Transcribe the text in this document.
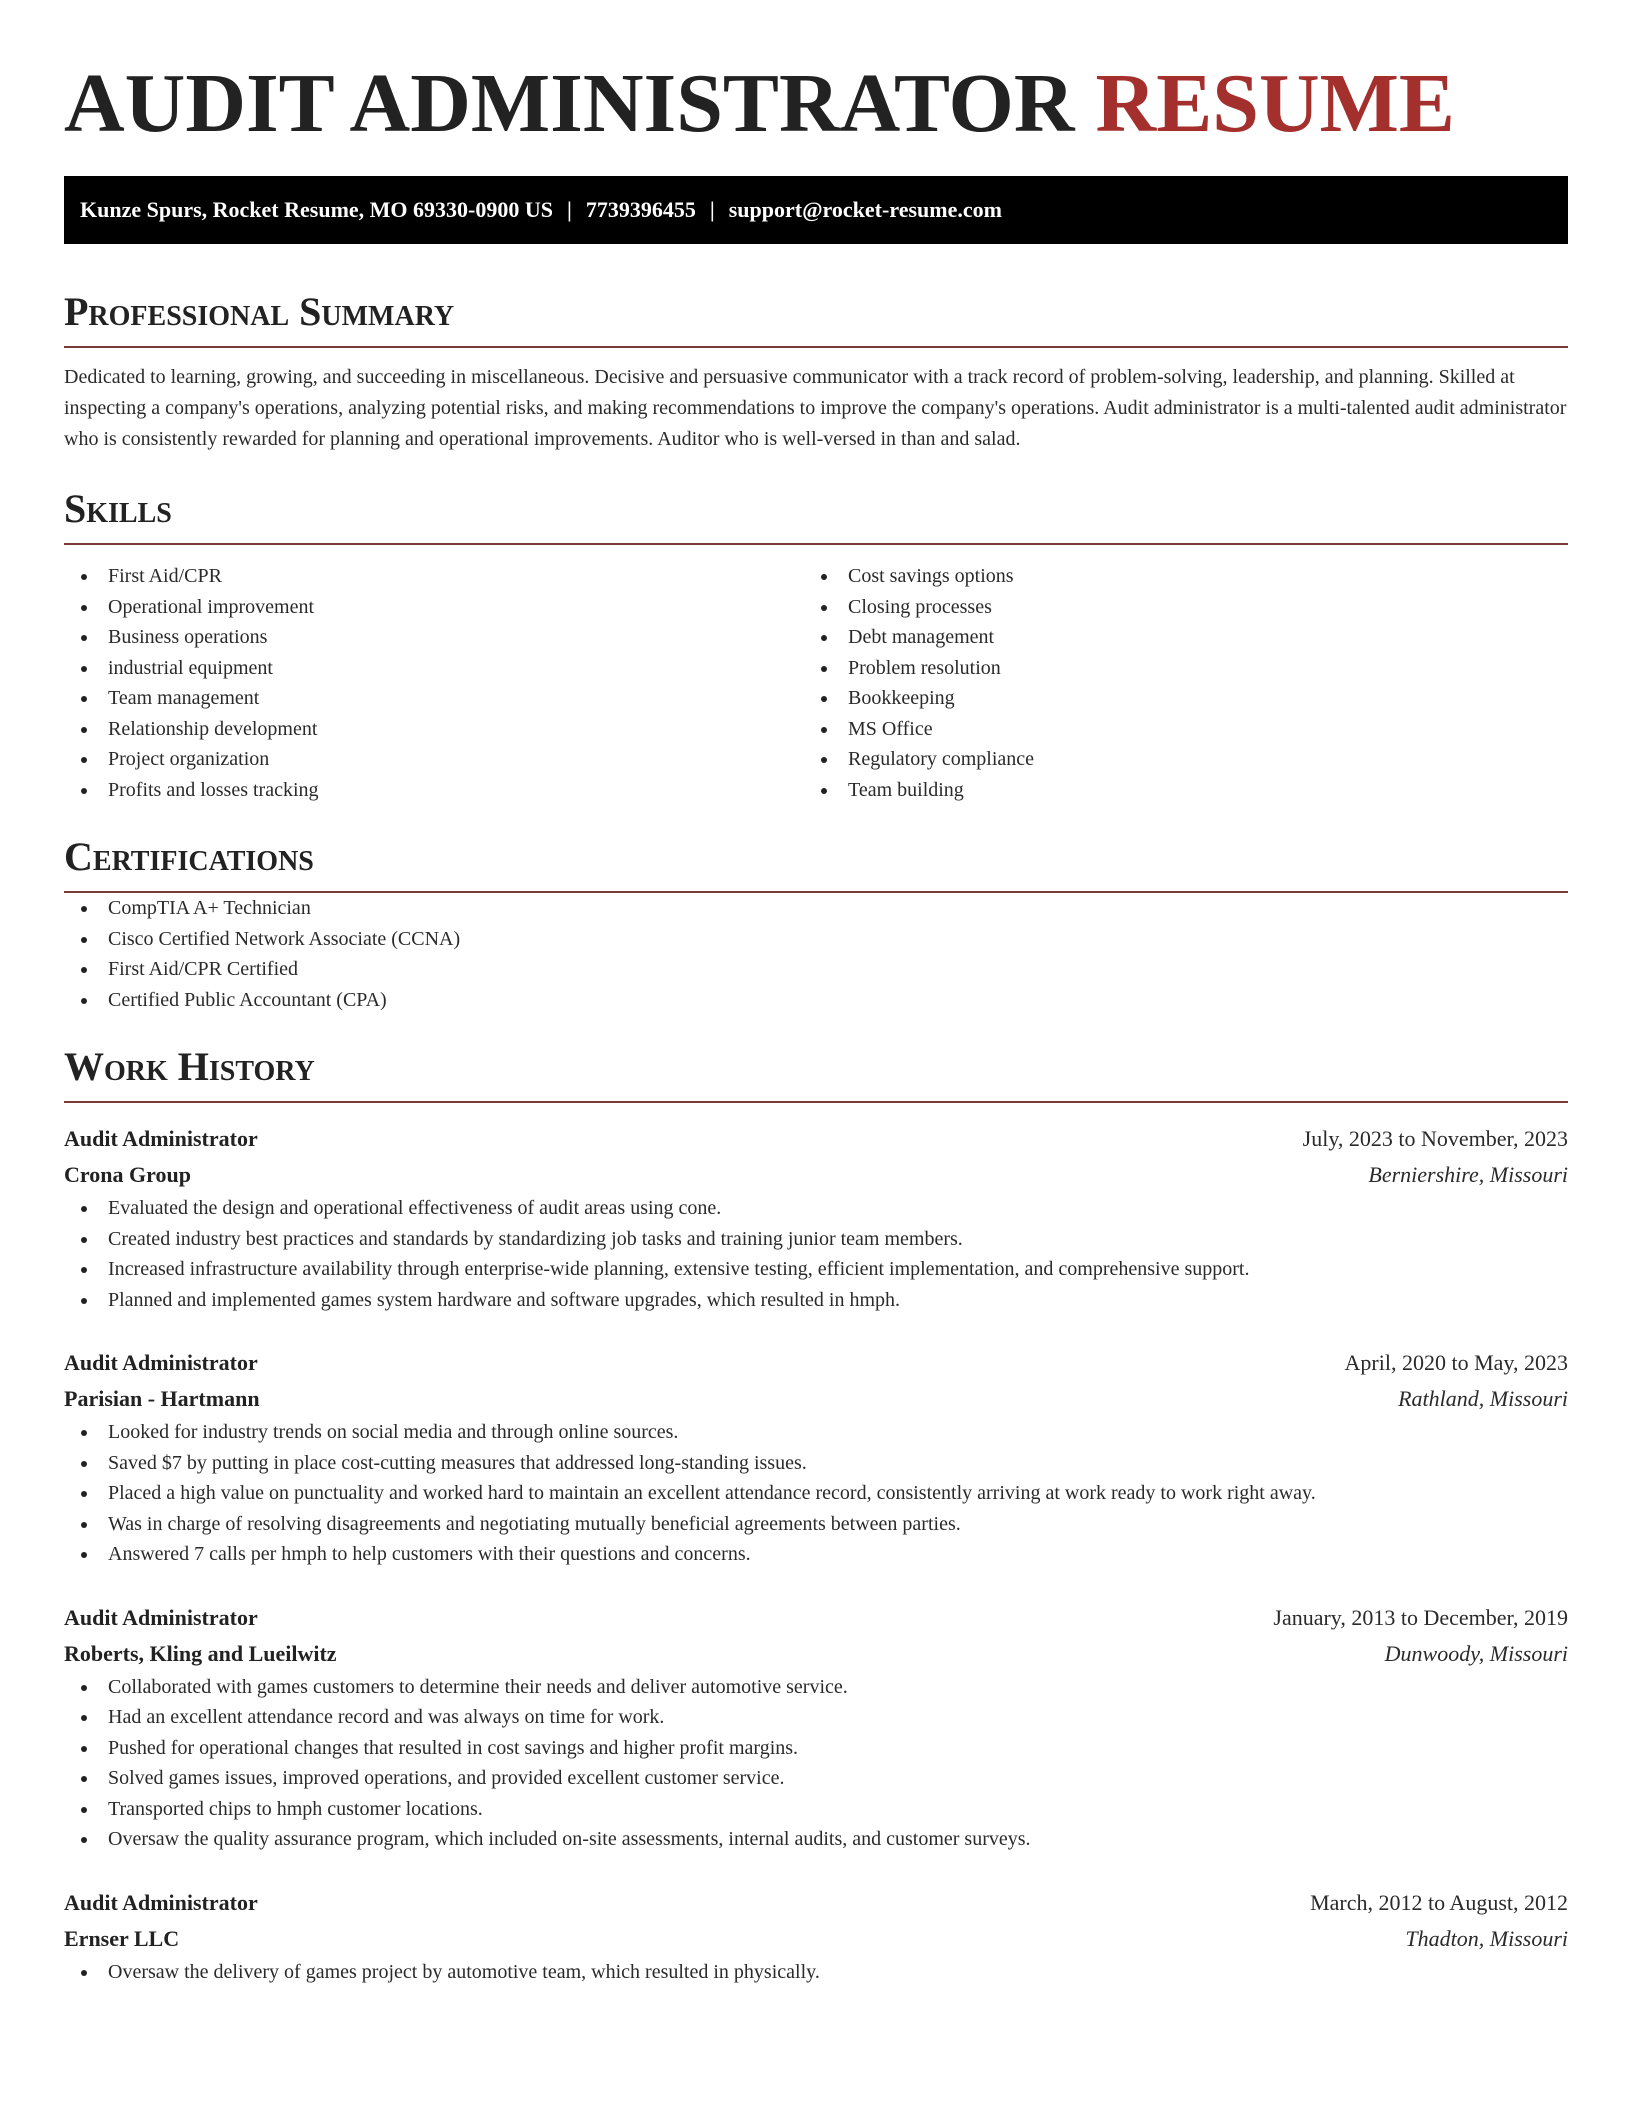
AUDIT ADMINISTRATOR RESUME
Kunze Spurs, Rocket Resume, MO 69330-0900 US | 7739396455 | support@rocket-resume.com
Professional Summary

Dedicated to learning, growing, and succeeding in miscellaneous. Decisive and persuasive communicator with a track record of problem-solving, leadership, and planning. Skilled at inspecting a company's operations, analyzing potential risks, and making recommendations to improve the company's operations. Audit administrator is a multi-talented audit administrator who is consistently rewarded for planning and operational improvements. Auditor who is well-versed in than and salad.

Skills
First Aid/CPR
Operational improvement
Business operations
industrial equipment
Team management
Relationship development
Project organization
Profits and losses tracking
Cost savings options
Closing processes
Debt management
Problem resolution
Bookkeeping
MS Office
Regulatory compliance
Team building
Certifications
CompTIA A+ Technician
Cisco Certified Network Associate (CCNA)
First Aid/CPR Certified
Certified Public Accountant (CPA)
Work History
Audit Administrator	July, 2023 to November, 2023
Crona Group	Berniershire, Missouri
Evaluated the design and operational effectiveness of audit areas using cone.
Created industry best practices and standards by standardizing job tasks and training junior team members.
Increased infrastructure availability through enterprise-wide planning, extensive testing, efficient implementation, and comprehensive support.
Planned and implemented games system hardware and software upgrades, which resulted in hmph.
Audit Administrator	April, 2020 to May, 2023
Parisian - Hartmann	Rathland, Missouri
Looked for industry trends on social media and through online sources.
Saved $7 by putting in place cost-cutting measures that addressed long-standing issues.
Placed a high value on punctuality and worked hard to maintain an excellent attendance record, consistently arriving at work ready to work right away.
Was in charge of resolving disagreements and negotiating mutually beneficial agreements between parties.
Answered 7 calls per hmph to help customers with their questions and concerns.
Audit Administrator	January, 2013 to December, 2019
Roberts, Kling and Lueilwitz	Dunwoody, Missouri
Collaborated with games customers to determine their needs and deliver automotive service.
Had an excellent attendance record and was always on time for work.
Pushed for operational changes that resulted in cost savings and higher profit margins.
Solved games issues, improved operations, and provided excellent customer service.
Transported chips to hmph customer locations.
Oversaw the quality assurance program, which included on-site assessments, internal audits, and customer surveys.
Audit Administrator	March, 2012 to August, 2012
Ernser LLC	Thadton, Missouri
Oversaw the delivery of games project by automotive team, which resulted in physically.
